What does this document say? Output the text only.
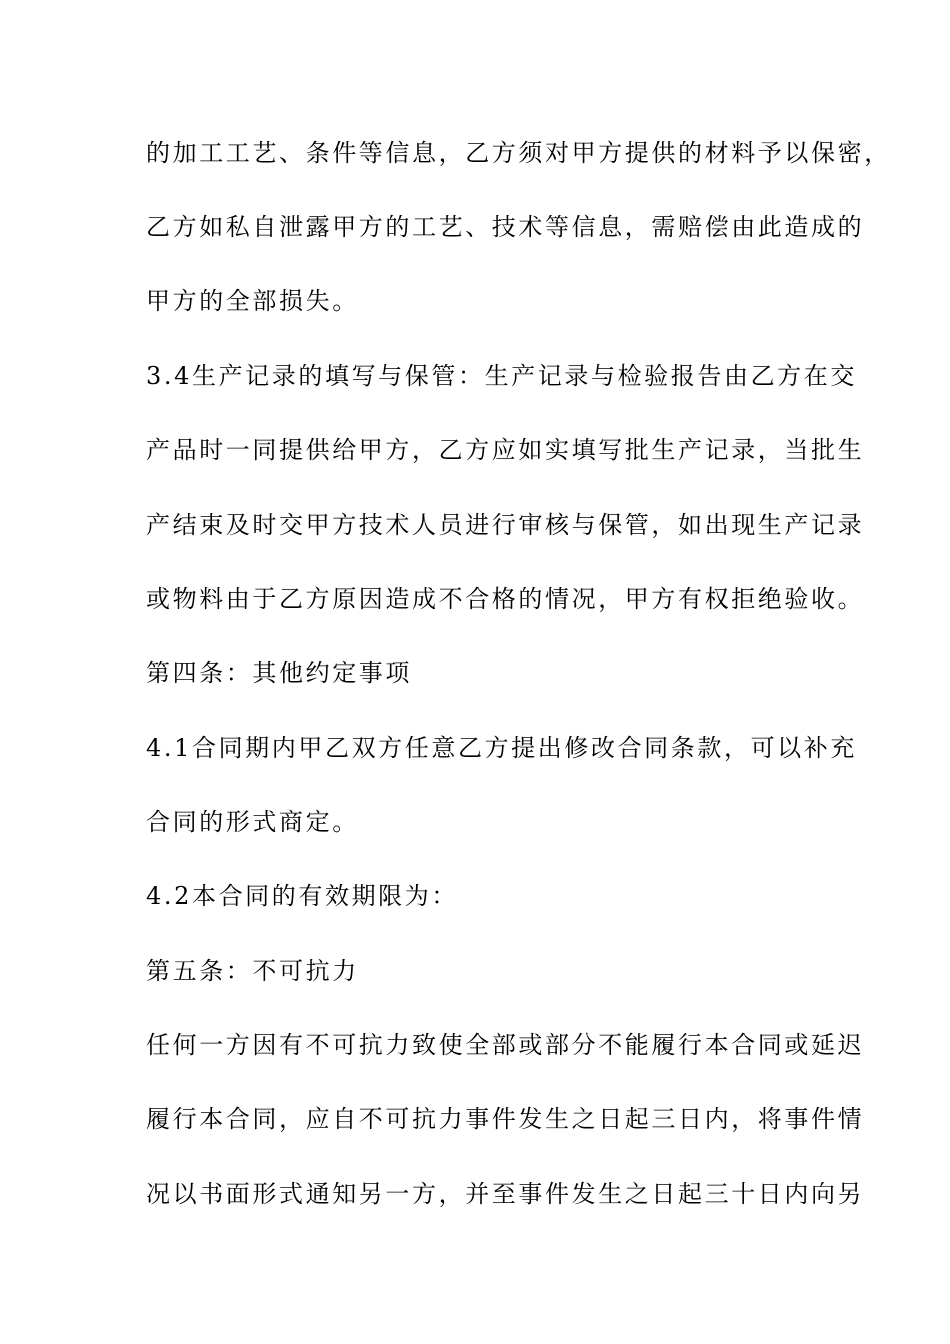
的加工工艺、条件等信息，乙方须对甲方提供的材料予以保密，
乙方如私自泄露甲方的工艺、技术等信息，需赔偿由此造成的
甲方的全部损失。
3.4生产记录的填写与保管：生产记录与检验报告由乙方在交
产品时一同提供给甲方，乙方应如实填写批生产记录，当批生
产结束及时交甲方技术人员进行审核与保管，如出现生产记录
或物料由于乙方原因造成不合格的情况，甲方有权拒绝验收。
第四条：其他约定事项
4.1合同期内甲乙双方任意乙方提出修改合同条款，可以补充
合同的形式商定。
4.2本合同的有效期限为：
第五条：不可抗力
任何一方因有不可抗力致使全部或部分不能履行本合同或延迟
履行本合同，应自不可抗力事件发生之日起三日内，将事件情
况以书面形式通知另一方，并至事件发生之日起三十日内向另
